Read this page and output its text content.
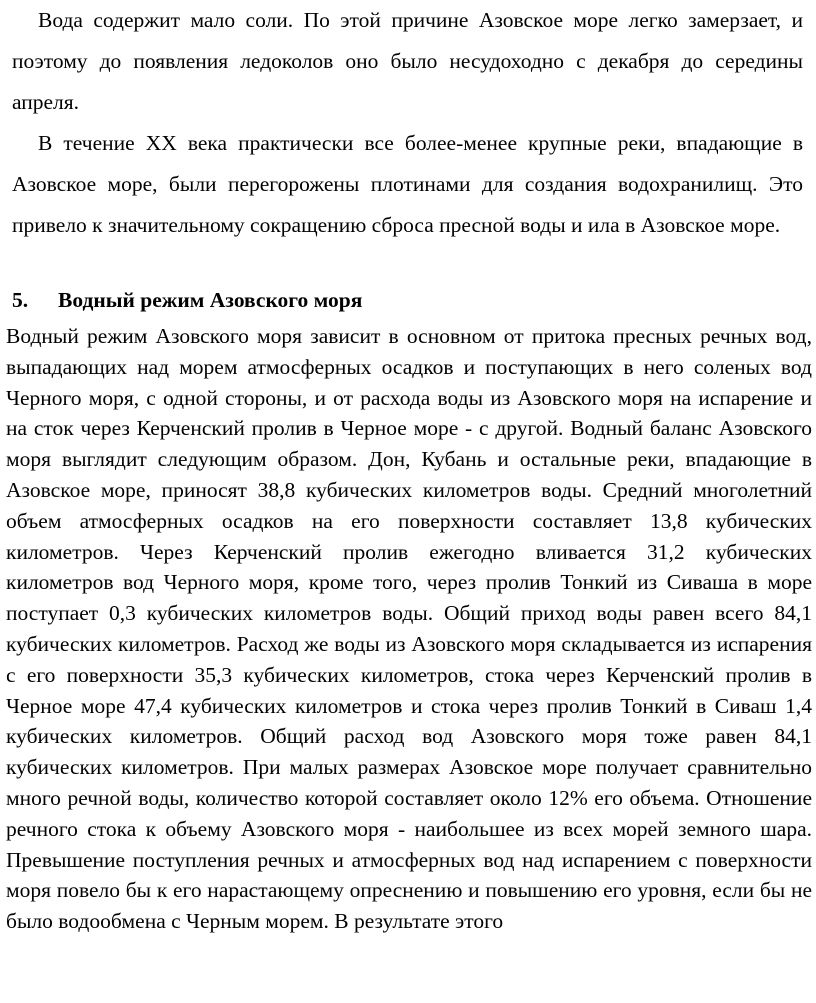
Вода содержит мало соли. По этой причине Азовское море легко замерзает, и поэтому до появления ледоколов оно было несудоходно с декабря до середины апреля.

В течение XX века практически все более-менее крупные реки, впадающие в Азовское море, были перегорожены плотинами для создания водохранилищ. Это привело к значительному сокращению сброса пресной воды и ила в Азовское море.

5. Водный режим Азовского моря

Водный режим Азовского моря зависит в основном от притока пресных речных вод, выпадающих над морем атмосферных осадков и поступающих в него соленых вод Черного моря, с одной стороны, и от расхода воды из Азовского моря на испарение и на сток через Керченский пролив в Черное море - с другой. Водный баланс Азовского моря выглядит следующим образом. Дон, Кубань и остальные реки, впадающие в Азовское море, приносят 38,8 кубических километров воды. Средний многолетний объем атмосферных осадков на его поверхности составляет 13,8 кубических километров. Через Керченский пролив ежегодно вливается 31,2 кубических километров вод Черного моря, кроме того, через пролив Тонкий из Сиваша в море поступает 0,3 кубических километров воды. Общий приход воды равен всего 84,1 кубических километров. Расход же воды из Азовского моря складывается из испарения с его поверхности 35,3 кубических километров, стока через Керченский пролив в Черное море 47,4 кубических километров и стока через пролив Тонкий в Сиваш 1,4 кубических километров. Общий расход вод Азовского моря тоже равен 84,1 кубических километров. При малых размерах Азовское море получает сравнительно много речной воды, количество которой составляет около 12% его объема. Отношение речного стока к объему Азовского моря - наибольшее из всех морей земного шара. Превышение поступления речных и атмосферных вод над испарением с поверхности моря повело бы к его нарастающему опреснению и повышению его уровня, если бы не было водообмена с Черным морем. В результате этого
